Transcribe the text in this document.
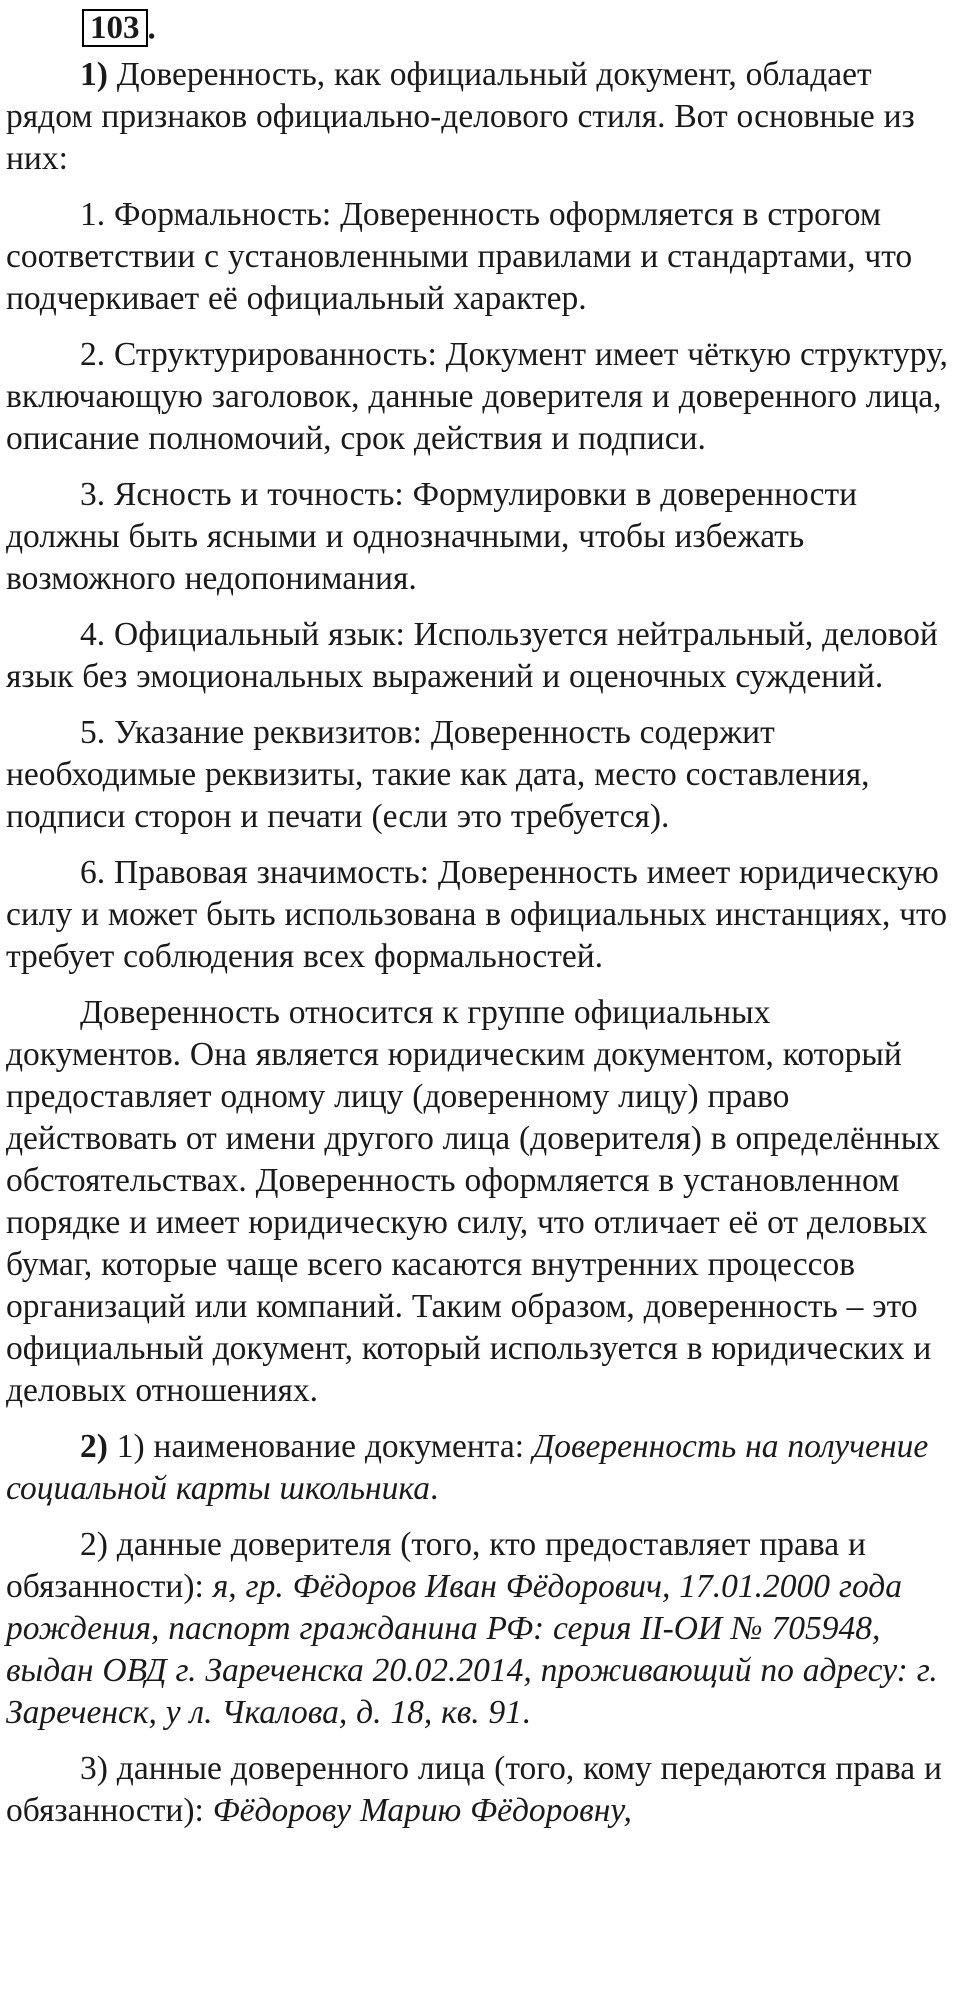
103 .

1) Доверенность, как официальный документ, обладает рядом признаков официально-делового стиля. Вот основные из них:

1. Формальность: Доверенность оформляется в строгом соответствии с установленными правилами и стандартами, что подчеркивает её официальный характер.

2. Структурированность: Документ имеет чёткую структуру, включающую заголовок, данные доверителя и доверенного лица, описание полномочий, срок действия и подписи.

3. Ясность и точность: Формулировки в доверенности должны быть ясными и однозначными, чтобы избежать возможного недопонимания.

4. Официальный язык: Используется нейтральный, деловой язык без эмоциональных выражений и оценочных суждений.

5. Указание реквизитов: Доверенность содержит необходимые реквизиты, такие как дата, место составления, подписи сторон и печати (если это требуется).

6. Правовая значимость: Доверенность имеет юридическую силу и может быть использована в официальных инстанциях, что требует соблюдения всех формальностей.

Доверенность относится к группе официальных документов. Она является юридическим документом, который предоставляет одному лицу (доверенному лицу) право действовать от имени другого лица (доверителя) в определённых обстоятельствах. Доверенность оформляется в установленном порядке и имеет юридическую силу, что отличает её от деловых бумаг, которые чаще всего касаются внутренних процессов организаций или компаний. Таким образом, доверенность – это официальный документ, который используется в юридических и деловых отношениях.

2) 1) наименование документа: Доверенность на получение социальной карты школьника.

2) данные доверителя (того, кто предоставляет права и обязанности): я, гр. Фёдоров Иван Фёдорович, 17.01.2000 года рождения, паспорт гражданина РФ: серия II-ОИ № 705948, выдан ОВД г. Зареченска 20.02.2014, проживающий по адресу: г. Зареченск, у л. Чкалова, д. 18, кв. 91.

3) данные доверенного лица (того, кому передаются права и обязанности): Фёдорову Марию Фёдоровну,
